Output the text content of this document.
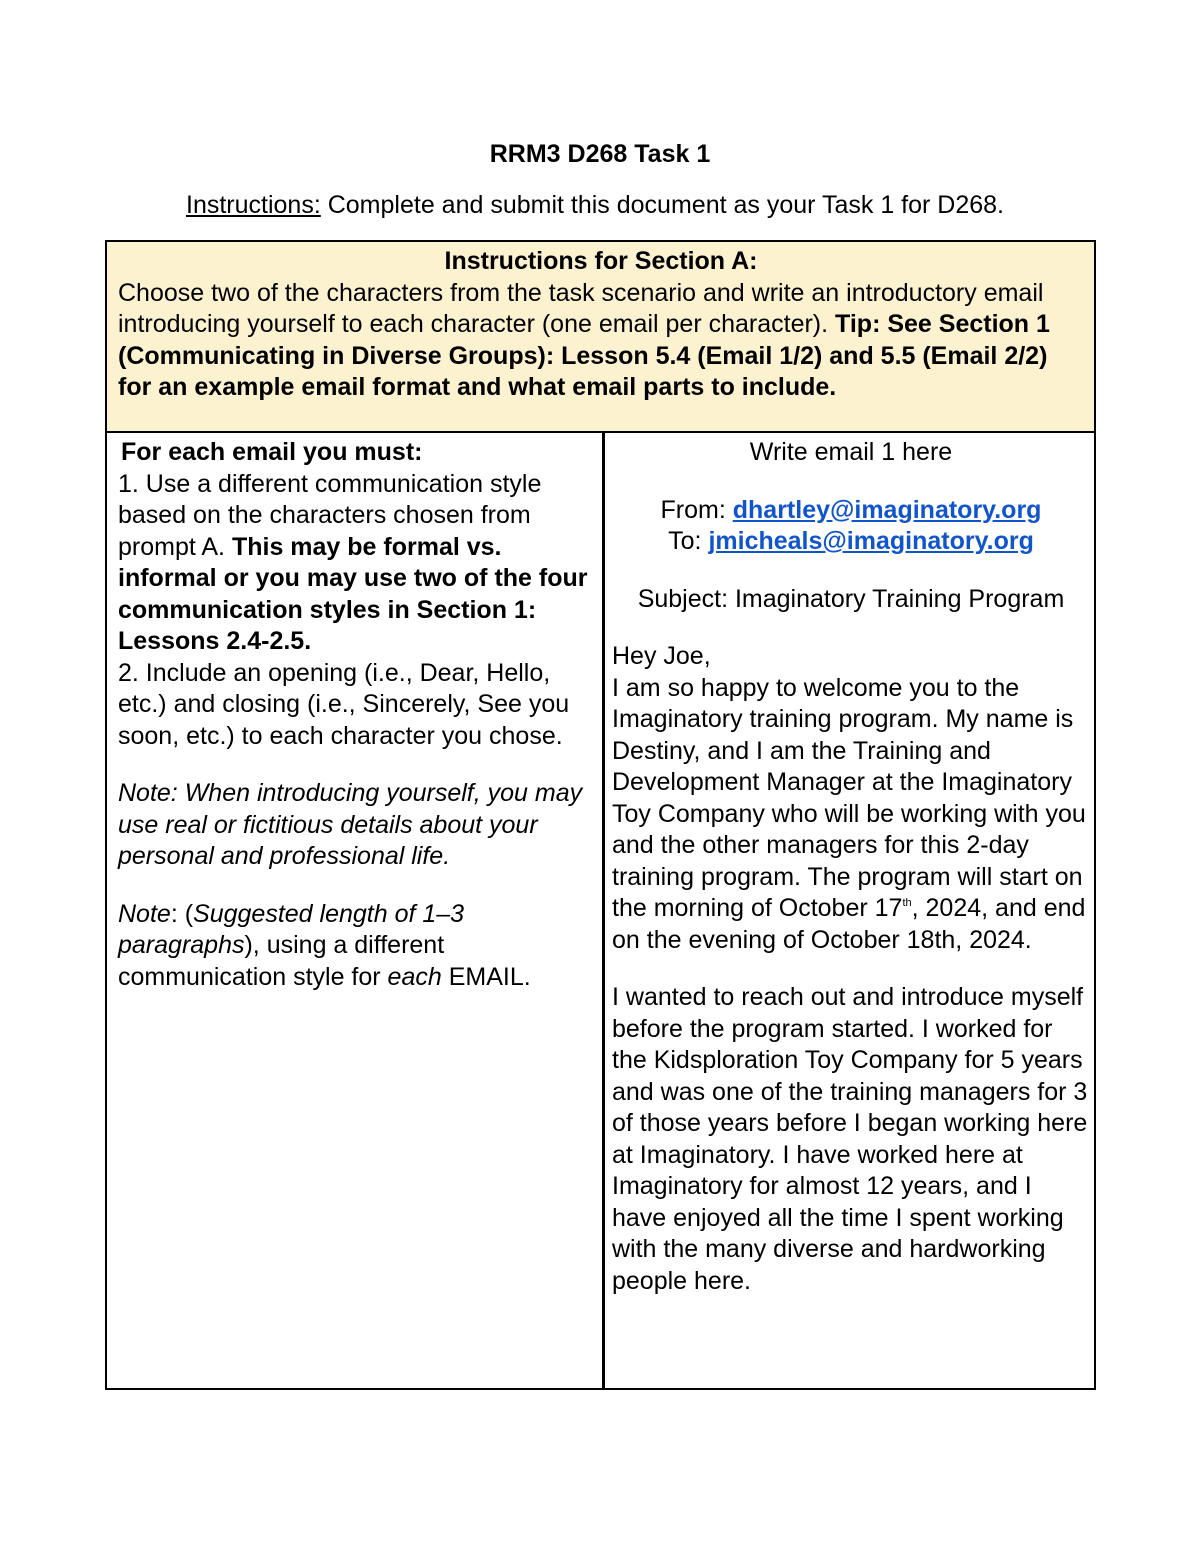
RRM3 D268 Task 1
Instructions: Complete and submit this document as your Task 1 for D268.
Instructions for Section A:
Choose two of the characters from the task scenario and write an introductory email introducing yourself to each character (one email per character). Tip: See Section 1 (Communicating in Diverse Groups): Lesson 5.4 (Email 1/2) and 5.5 (Email 2/2) for an example email format and what email parts to include.

For each email you must:

1. Use a different communication style based on the characters chosen from prompt A. This may be formal vs. informal or you may use two of the four communication styles in Section 1: Lessons 2.4-2.5.

2. Include an opening (i.e., Dear, Hello, etc.) and closing (i.e., Sincerely, See you soon, etc.) to each character you chose.

Note: When introducing yourself, you may use real or fictitious details about your personal and professional life.

Note: (Suggested length of 1–3 paragraphs), using a different communication style for each EMAIL.

Write email 1 here

From: dhartley@imaginatory.org

To: jmicheals@imaginatory.org

Subject: Imaginatory Training Program

Hey Joe,

I am so happy to welcome you to the Imaginatory training program. My name is Destiny, and I am the Training and Development Manager at the Imaginatory Toy Company who will be working with you and the other managers for this 2-day training program. The program will start on the morning of October 17th, 2024, and end on the evening of October 18th, 2024.

I wanted to reach out and introduce myself before the program started. I worked for the Kidsploration Toy Company for 5 years and was one of the training managers for 3 of those years before I began working here at Imaginatory. I have worked here at Imaginatory for almost 12 years, and I have enjoyed all the time I spent working with the many diverse and hardworking people here.
